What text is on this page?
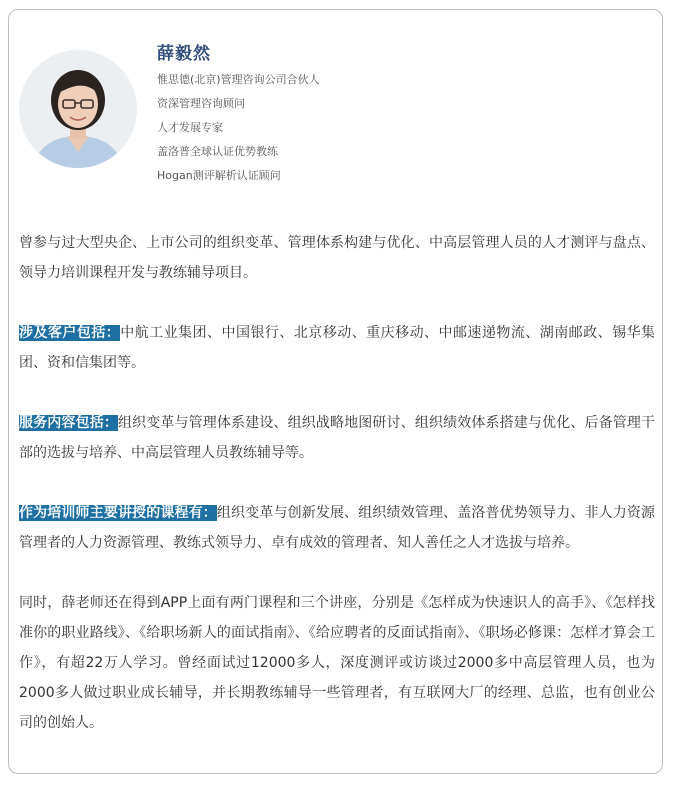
薛毅然
惟思德(北京)管理咨询公司合伙人
资深管理咨询顾问
人才发展专家
盖洛普全球认证优势教练
Hogan测评解析认证顾问

曾参与过大型央企、上市公司的组织变革、管理体系构建与优化、中高层管理人员的人才测评与盘点、领导力培训课程开发与教练辅导项目。

涉及客户包括：中航工业集团、中国银行、北京移动、重庆移动、中邮速递物流、湖南邮政、锡华集团、资和信集团等。

服务内容包括：组织变革与管理体系建设、组织战略地图研讨、组织绩效体系搭建与优化、后备管理干部的选拔与培养、中高层管理人员教练辅导等。

作为培训师主要讲授的课程有：组织变革与创新发展、组织绩效管理、盖洛普优势领导力、非人力资源管理者的人力资源管理、教练式领导力、卓有成效的管理者、知人善任之人才选拔与培养。

同时，薛老师还在得到APP上面有两门课程和三个讲座，分别是《怎样成为快速识人的高手》、《怎样找准你的职业路线》、《给职场新人的面试指南》、《给应聘者的反面试指南》、《职场必修课：怎样才算会工作》，有超22万人学习。曾经面试过12000多人，深度测评或访谈过2000多中高层管理人员，也为2000多人做过职业成长辅导，并长期教练辅导一些管理者，有互联网大厂的经理、总监，也有创业公司的创始人。
